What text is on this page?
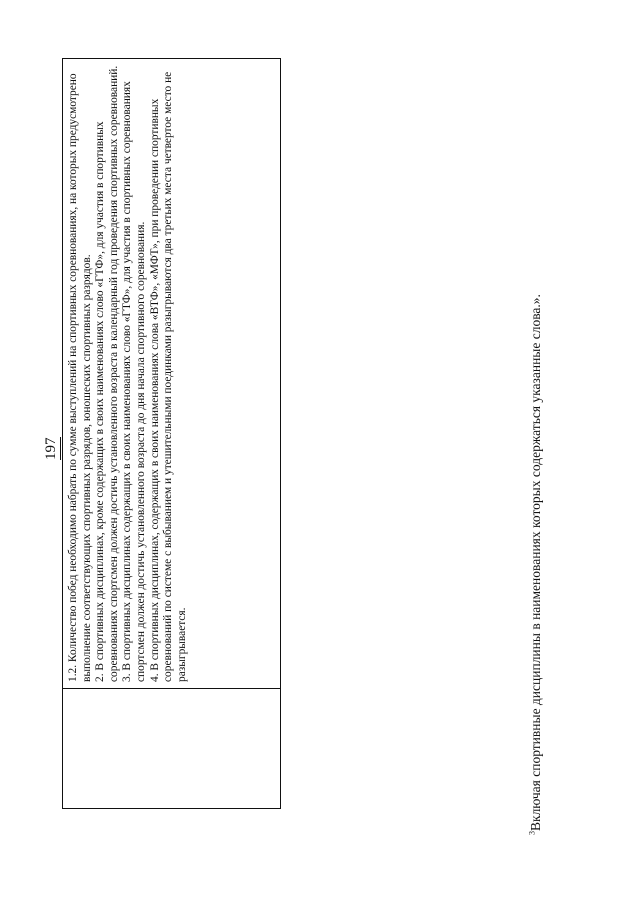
197 1.2. Количество побед необходимо набрать по сумме выступлений на спортивных соревнованиях, на которых предусмотрено выполнение соответствующих спортивных разрядов, юношеских спортивных разрядов. 2. В спортивных дисциплинах, кроме содержащих в своих наименованиях слово «ГТФ», для участия в спортивных соревнованиях спортсмен должен достичь установленного возраста в календарный год проведения спортивных соревнований. 3. В спортивных дисциплинах содержащих в своих наименованиях слово «ГТФ», для участия в спортивных соревнованиях спортсмен должен достичь установленного возраста до дня начала спортивного соревнования. 4. В спортивных дисциплинах, содержащих в своих наименованиях слова «ВТФ», «МФТ», при проведении спортивных соревнований по системе с выбыванием и утешительными поединками разыгрываются два третьих места четвертое место не разыгрывается.

$^3$Включая спортивные дисциплины в наименованиях которых содержаться указанные слова.».
